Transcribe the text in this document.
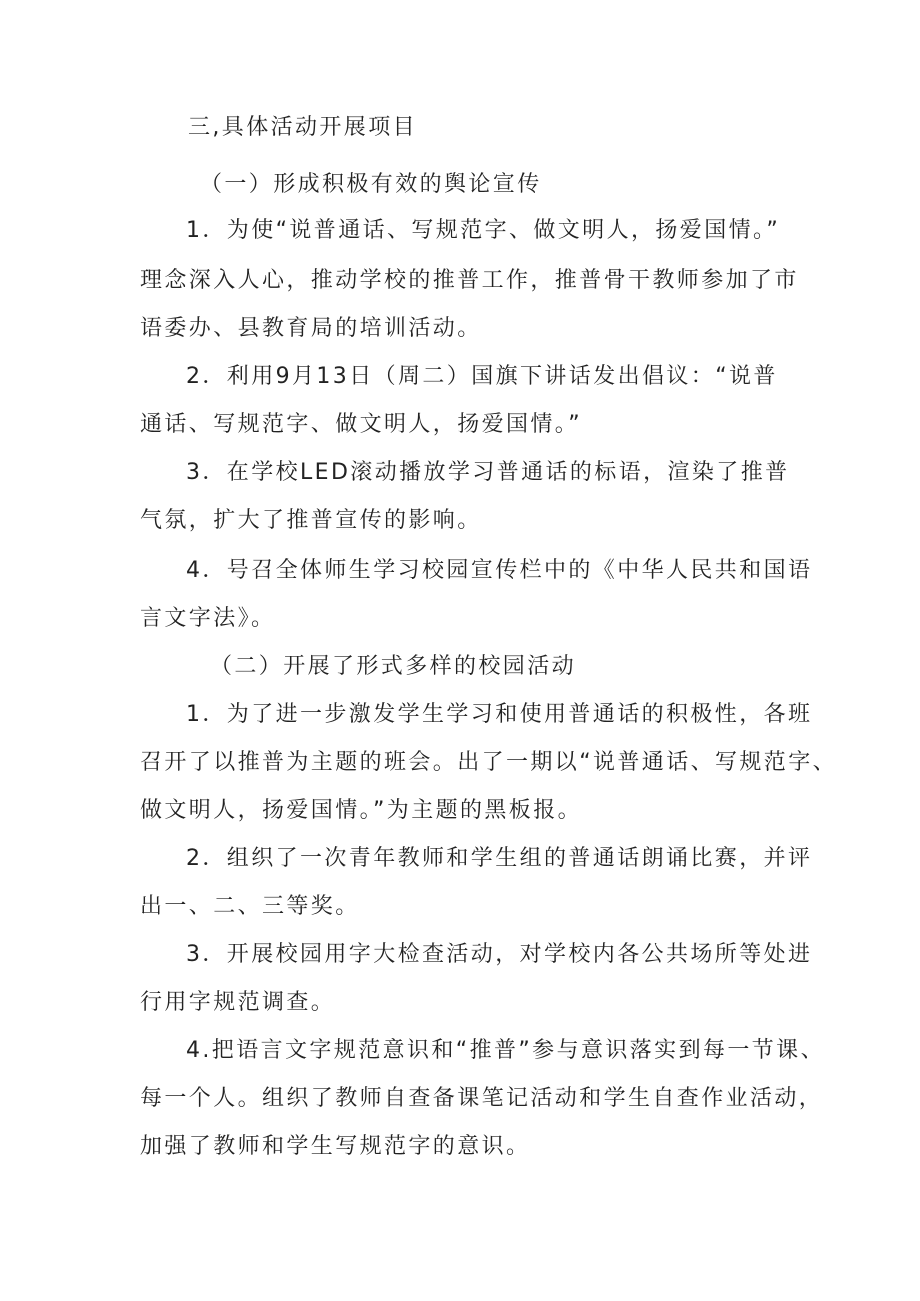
三,具体活动开展项目
（一）形成积极有效的舆论宣传
1．为使“说普通话、写规范字、做文明人，扬爱国情。”
理念深入人心，推动学校的推普工作，推普骨干教师参加了市
语委办、县教育局的培训活动。
2．利用9月13日（周二）国旗下讲话发出倡议：“说普
通话、写规范字、做文明人，扬爱国情。”
3．在学校LED滚动播放学习普通话的标语，渲染了推普
气氛，扩大了推普宣传的影响。
4．号召全体师生学习校园宣传栏中的《中华人民共和国语
言文字法》。
（二）开展了形式多样的校园活动
1．为了进一步激发学生学习和使用普通话的积极性，各班
召开了以推普为主题的班会。出了一期以“说普通话、写规范字、
做文明人，扬爱国情。”为主题的黑板报。
2．组织了一次青年教师和学生组的普通话朗诵比赛，并评
出一、二、三等奖。
3．开展校园用字大检查活动，对学校内各公共场所等处进
行用字规范调查。
4.把语言文字规范意识和“推普”参与意识落实到每一节课、
每一个人。组织了教师自查备课笔记活动和学生自查作业活动，
加强了教师和学生写规范字的意识。
